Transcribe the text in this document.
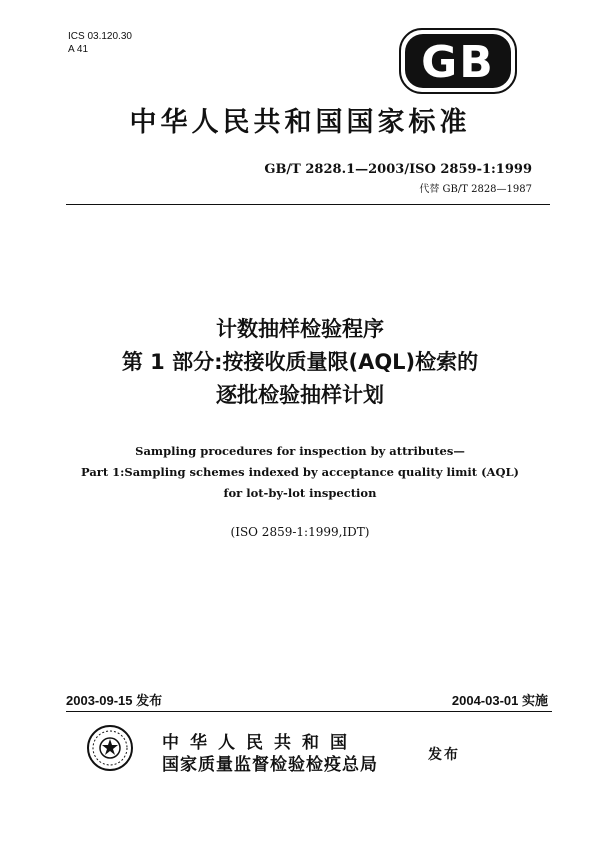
ICS 03.120.30
A 41	GB
中华人民共和国国家标准
GB/T 2828.1—2003/ISO 2859-1:1999
代替 GB/T 2828—1987
计数抽样检验程序
第 1 部分:按接收质量限(AQL)检索的
逐批检验抽样计划
Sampling procedures for inspection by attributes—
Part 1:Sampling schemes indexed by acceptance quality limit (AQL)
for lot-by-lot inspection
(ISO 2859-1:1999,IDT)
2003-09-15 发布	2004-03-01 实施
中华人民共和国
国家质量监督检验检疫总局	发布
